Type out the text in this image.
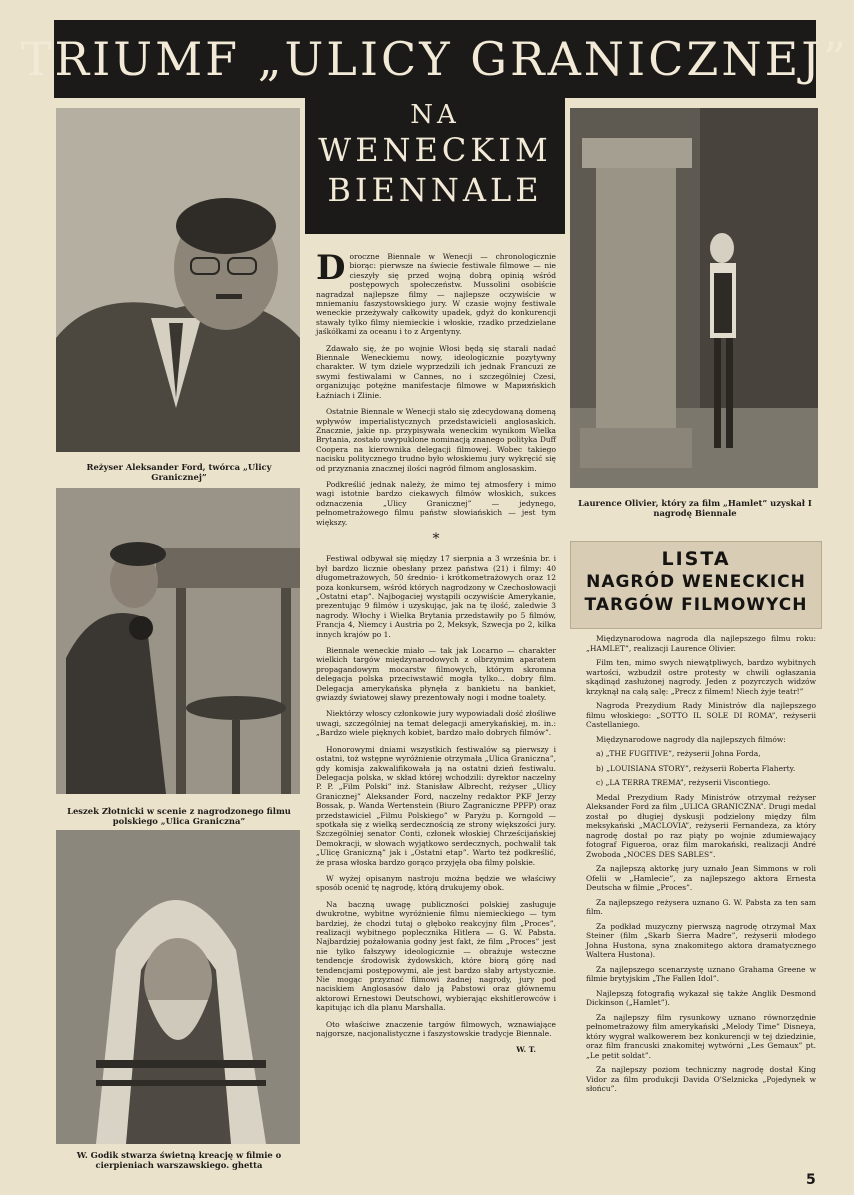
TRIUMF „ULICY GRANICZNEJ”
NA
WENECKIM
BIENNALE
Reżyser Aleksander Ford, twórca „Ulicy Granicznej”
Leszek Złotnicki w scenie z nagrodzonego filmu polskiego „Ulica Graniczna”
W. Godik stwarza świetną kreację w filmie o cierpieniach warszawskiego. ghetta
Laurence Olivier, który za film „Hamlet” uzyskał I nagrodę Biennale

Doroczne Biennale w Wenecji — chronologicznie biorąc: pierwsze na świecie festiwale filmowe — nie cieszyły się przed wojną dobrą opinią wśród postępowych społeczeństw. Mussolini osobiście nagradzał najlepsze filmy — najlepsze oczywiście w mniemaniu faszystowskiego jury. W czasie wojny festiwale weneckie przeżywały całkowity upadek, gdyż do konkurencji stawały tylko filmy niemieckie i włoskie, rzadko przedzielane jaśkółkami za oceanu i to z Argentyny.

Zdawało się, że po wojnie Włosi będą się starali nadać Biennale Weneckiemu nowy, ideologicznie pozytywny charakter. W tym dziele wyprzedzili ich jednak Francuzi ze swymi festiwalami w Cannes, no i szczególniej Czesi, organizując potężne manifestacje filmowe w Mарияńskich Łaźniach i Zlinie.

Ostatnie Biennale w Wenecji stało się zdecydowaną domeną wpływów imperialistycznych przedstawicieli anglosaskich. Znacznie, jakie np. przypisywała weneckim wynikom Wielka Brytania, zostało uwypuklone nominacją znanego polityka Duff Coopera na kierownika delegacji filmowej. Wobec takiego nacisku politycznego trudno było włoskiemu jury wykręcić się od przyznania znacznej ilości nagród filmom anglosaskim.

Podkreślić jednak należy, że mimo tej atmosfery i mimo wagi istotnie bardzo ciekawych filmów włoskich, sukces odznaczenia „Ulicy Granicznej” — jedynego, pełnometrażowego filmu państw słowiańskich — jest tym większy.

*

Festiwal odbywał się między 17 sierpnia a 3 września br. i był bardzo licznie obesłany przez państwa (21) i filmy: 40 długometrażowych, 50 średnio- i krótkometrażowych oraz 12 poza konkursem, wśród których nagrodzony w Czechosłowacji „Ostatni etap”. Najbogaciej wystąpili oczywiście Amerykanie, prezentując 9 filmów i uzyskując, jak na tę ilość, zaledwie 3 nagrody. Włochy i Wielka Brytania przedstawiły po 5 filmów, Francja 4, Niemcy i Austria po 2, Meksyk, Szwecja po 2, kilka innych krajów po 1.

Biennale weneckie miało — tak jak Locarno — charakter wielkich targów międzynarodowych z olbrzymim aparatem propagandowym mocarstw filmowych, którym skromna delegacja polska przeciwstawić mogła tylko... dobry film. Delegacja amerykańska płynęła z bankietu na bankiet, gwiazdy światowej sławy prezentowały nogi i modne toalety.

Niektórzy włoscy członkowie jury wypowiadali dość złośliwe uwagi, szczególniej na temat delegacji amerykańskiej, m. in.: „Bardzo wiele pięknych kobiet, bardzo mało dobrych filmów”.

Honorowymi dniami wszystkich festiwalów są pierwszy i ostatni, toż wstępne wyróżnienie otrzymała „Ulica Graniczna”, gdy komisja zakwalifikowała ją na ostatni dzień festiwalu. Delegacja polska, w skład której wchodzili: dyrektor naczelny P. P. „Film Polski” inż. Stanisław Albrecht, reżyser „Ulicy Granicznej” Aleksander Ford, naczelny redaktor PKF Jerzy Bossak, p. Wanda Wertenstein (Biuro Zagraniczne PPFP) oraz przedstawiciel „Filmu Polskiego” w Paryżu p. Korngold — spotkała się z wielką serdecznością ze strony większości jury. Szczególniej senator Conti, członek włoskiej Chrześcijańskiej Demokracji, w słowach wyjątkowo serdecznych, pochwalił tak „Ulicę Graniczną” jak i „Ostatni etap”. Warto też podkreślić, że prasa włoska bardzo gorąco przyjęła oba filmy polskie.

W wyżej opisanym nastroju można będzie we właściwy sposób ocenić tę nagrodę, którą drukujemy obok.

Na baczną uwagę publiczności polskiej zasługuje dwukrotne, wybitne wyróżnienie filmu niemieckiego — tym bardziej, że chodzi tutaj o głęboko reakcyjny film „Proces”, realizacji wybitnego poplecznika Hitlera — G. W. Pabsta. Najbardziej pożałowania godny jest fakt, że film „Proces” jest nie tylko fałszywy ideologicznie — obrażuje wsteczne tendencje środowisk żydowskich, które biorą górę nad tendencjami postępowymi, ale jest bardzo słaby artystycznie. Nie mogąc przyznać filmowi żadnej nagrody, jury pod naciskiem Anglosasów dało ją Pabstowi oraz głównemu aktorowi Ernestowi Deutschowi, wybierając ekshitlerowców i kapitując ich dla planu Marshalla.

Oto właściwe znaczenie targów filmowych, wznawiające najgorsze, nacjonalistyczne i faszystowskie tradycje Biennale.

W. T.
LISTA
NAGRÓD WENECKICH
TARGÓW FILMOWYCH

Międzynarodowa nagroda dla najlepszego filmu roku: „HAMLET”, realizacji Laurence Olivier.

Film ten, mimo swych niewątpliwych, bardzo wybitnych wartości, wzbudził ostre protesty w chwili ogłaszania skądinąd zasłużonej nagrody. Jeden z pozyrczych widzów krzyknął na całą salę: „Precz z filmem! Niech żyje teatr!”

Nagroda Prezydium Rady Ministrów dla najlepszego filmu włoskiego: „SOTTO IL SOLE DI ROMA”, reżyserii Castellaniego.

Międzynarodowe nagrody dla najlepszych filmów:

a) „THE FUGITIVE”, reżyserii Johna Forda,

b) „LOUISIANA STORY”, reżyserii Roberta Flaherty.

c) „LA TERRA TREMA”, reżyserii Viscontiego.

Medal Prezydium Rady Ministrów otrzymał reżyser Aleksander Ford za film „ULICA GRANICZNA”. Drugi medal został po długiej dyskusji podzielony między film meksykański „MACLOVIA”, reżyserii Fernandeza, za który nagrodę dostał po raz piąty po wojnie zdumiewający fotograf Figueroa, oraz film marokański, realizacji André Zwoboda „NOCES DES SABLES”.

Za najlepszą aktorkę jury uznało Jean Simmons w roli Ofelii w „Hamlecie”, za najlepszego aktora Ernesta Deutscha w filmie „Proces”.

Za najlepszego reżysera uznano G. W. Pabsta za ten sam film.

Za podkład muzyczny pierwszą nagrodę otrzymał Max Steiner (film „Skarb Sierra Madre”, reżyserii młodego Johna Hustona, syna znakomitego aktora dramatycznego Waltera Hustona).

Za najlepszego scenarzystę uznano Grahama Greene w filmie brytyjskim „The Fallen Idol”.

Najlepszą fotografią wykazał się także Anglik Desmond Dickinson („Hamlet”).

Za najlepszy film rysunkowy uznano równorzędnie pełnometrażowy film amerykański „Melody Time” Disneya, który wygrał walkowerem bez konkurencji w tej dziedzinie, oraz film francuski znakomitej wytwórni „Les Gemaux” pt. „Le petit soldat”.

Za najlepszy poziom techniczny nagrodę dostał King Vidor za film produkcji Davida O'Selznicka „Pojedynek w słońcu”.

5
